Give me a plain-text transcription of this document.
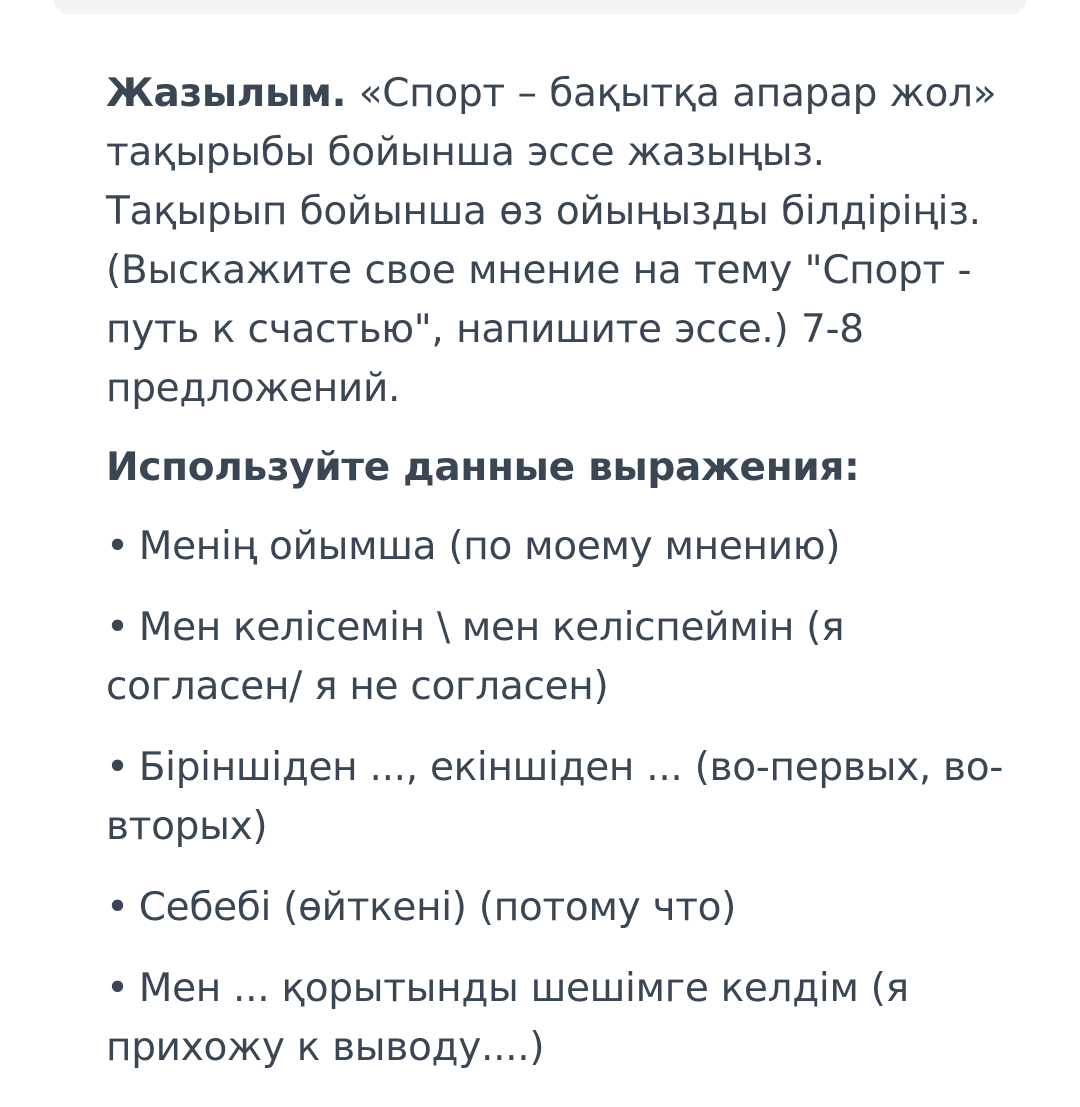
Жазылым. «Спорт – бақытқа апарар жол» тақырыбы бойынша эссе жазыңыз. Тақырып бойынша өз ойыңызды білдіріңіз. (Выскажите свое мнение на тему "Спорт - путь к счастью", напишите эссе.) 7-8 предложений.

Используйте данные выражения:

• Менің ойымша (по моему мнению)
• Мен келісемін \ мен келіспеймін (я согласен/ я не согласен)
• Біріншіден ..., екіншіден ... (во-первых, во-вторых)
• Себебі (өйткені) (потому что)
• Мен ... қорытынды шешімге келдім (я прихожу к выводу....)
